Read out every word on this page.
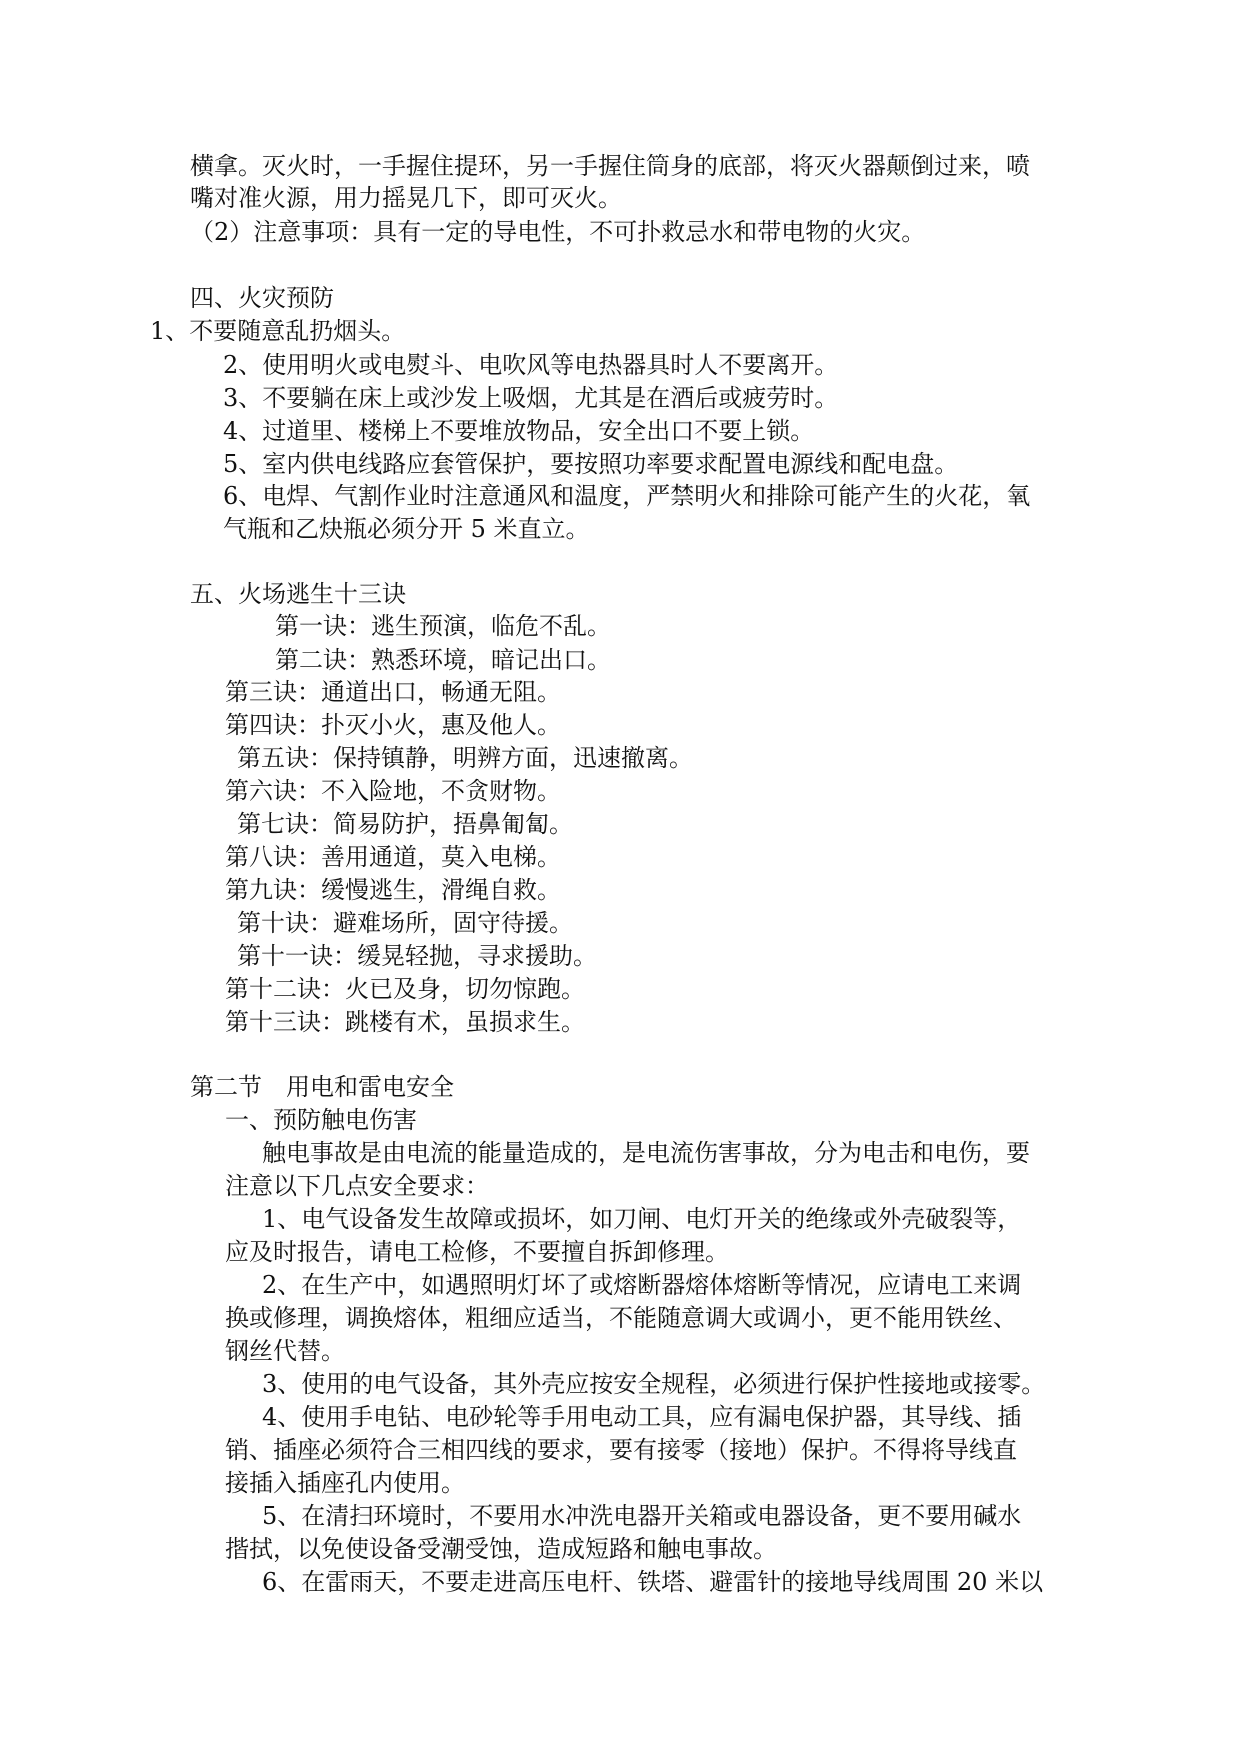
横拿。灭火时，一手握住提环，另一手握住筒身的底部，将灭火器颠倒过来，喷
嘴对准火源，用力摇晃几下，即可灭火。
（2）注意事项：具有一定的导电性，不可扑救忌水和带电物的火灾。
四、火灾预防
1、不要随意乱扔烟头。
2、使用明火或电熨斗、电吹风等电热器具时人不要离开。
3、不要躺在床上或沙发上吸烟，尤其是在酒后或疲劳时。
4、过道里、楼梯上不要堆放物品，安全出口不要上锁。
5、室内供电线路应套管保护，要按照功率要求配置电源线和配电盘。
6、电焊、气割作业时注意通风和温度，严禁明火和排除可能产生的火花，氧
气瓶和乙炔瓶必须分开 5 米直立。
五、火场逃生十三诀
第一诀：逃生预演，临危不乱。
第二诀：熟悉环境，暗记出口。
第三诀：通道出口，畅通无阻。
第四诀：扑灭小火，惠及他人。
第五诀：保持镇静，明辨方面，迅速撤离。
第六诀：不入险地，不贪财物。
第七诀：简易防护，捂鼻匍匐。
第八诀：善用通道，莫入电梯。
第九诀：缓慢逃生，滑绳自救。
第十诀：避难场所，固守待援。
第十一诀：缓晃轻抛，寻求援助。
第十二诀：火已及身，切勿惊跑。
第十三诀：跳楼有术，虽损求生。
第二节　用电和雷电安全
一、预防触电伤害
触电事故是由电流的能量造成的，是电流伤害事故，分为电击和电伤，要
注意以下几点安全要求：
1、电气设备发生故障或损坏，如刀闸、电灯开关的绝缘或外壳破裂等，
应及时报告，请电工检修，不要擅自拆卸修理。
2、在生产中，如遇照明灯坏了或熔断器熔体熔断等情况，应请电工来调
换或修理，调换熔体，粗细应适当，不能随意调大或调小，更不能用铁丝、
钢丝代替。
3、使用的电气设备，其外壳应按安全规程，必须进行保护性接地或接零。
4、使用手电钻、电砂轮等手用电动工具，应有漏电保护器，其导线、插
销、插座必须符合三相四线的要求，要有接零（接地）保护。不得将导线直
接插入插座孔内使用。
5、在清扫环境时，不要用水冲洗电器开关箱或电器设备，更不要用碱水
揩拭，以免使设备受潮受蚀，造成短路和触电事故。
6、在雷雨天，不要走进高压电杆、铁塔、避雷针的接地导线周围 20 米以
